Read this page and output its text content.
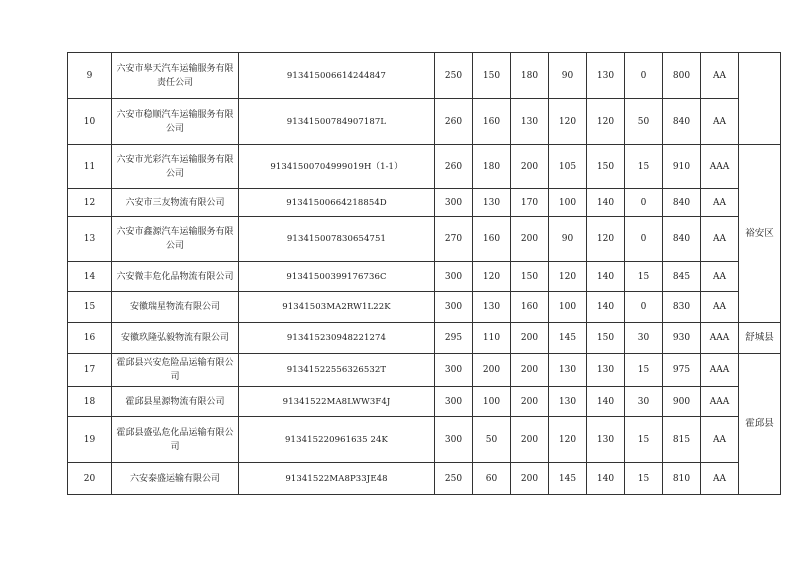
9	六安市皋天汽车运输服务有限责任公司	913415006614244847	250	150	180	90	130	0	800	AA	
10	六安市稳顺汽车运输服务有限公司	91341500784907187L	260	160	130	120	120	50	840	AA	
11	六安市光彩汽车运输服务有限公司	91341500704999019H（1-1）	260	180	200	105	150	15	910	AAA	裕安区
12	六安市三友物流有限公司	91341500664218854D	300	130	170	100	140	0	840	AA	
13	六安市鑫源汽车运输服务有限公司	913415007830654751	270	160	200	90	120	0	840	AA	
14	六安微丰危化品物流有限公司	91341500399176736C	300	120	150	120	140	15	845	AA	
15	安徽瑞星物流有限公司	91341503MA2RW1L22K	300	130	160	100	140	0	830	AA	
16	安徽玖隆弘毅物流有限公司	913415230948221274	295	110	200	145	150	30	930	AAA	舒城县
17	霍邱县兴安危险品运输有限公司	91341522556326532T	300	200	200	130	130	15	975	AAA	霍邱县
18	霍邱县星源物流有限公司	91341522MA8LWW3F4J	300	100	200	130	140	30	900	AAA	
19	霍邱县盛弘危化品运输有限公司	913415220961635 24K	300	50	200	120	130	15	815	AA	
20	六安泰盛运输有限公司	91341522MA8P33JE48	250	60	200	145	140	15	810	AA	
